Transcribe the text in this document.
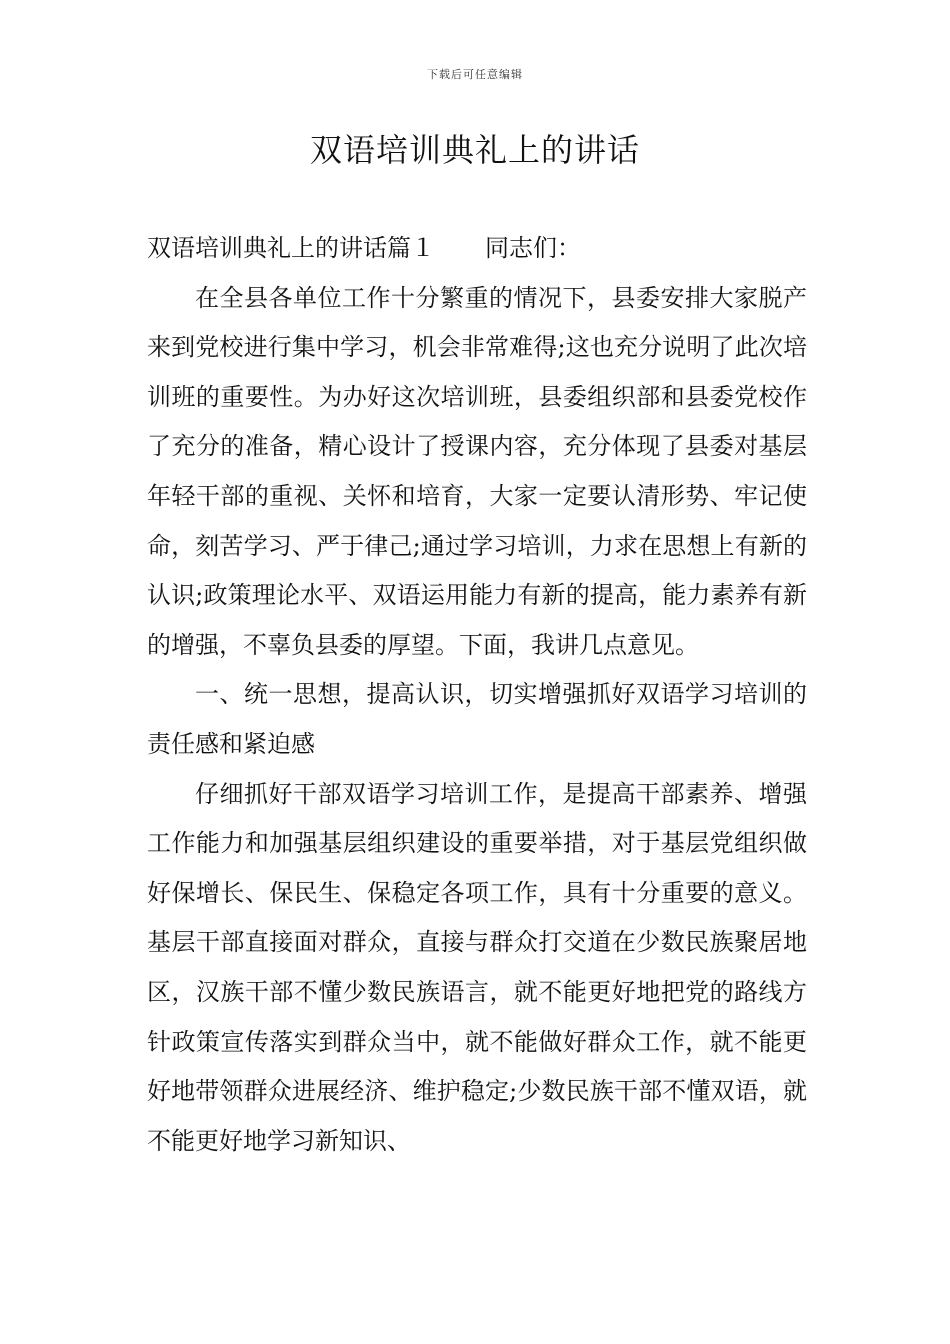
下载后可任意编辑
双语培训典礼上的讲话

双语培训典礼上的讲话篇１ 同志们：

在全县各单位工作十分繁重的情况下，县委安排大家脱产来到党校进行集中学习，机会非常难得;这也充分说明了此次培训班的重要性。为办好这次培训班，县委组织部和县委党校作了充分的准备，精心设计了授课内容，充分体现了县委对基层年轻干部的重视、关怀和培育，大家一定要认清形势、牢记使命，刻苦学习、严于律己;通过学习培训，力求在思想上有新的认识;政策理论水平、双语运用能力有新的提高，能力素养有新的增强，不辜负县委的厚望。下面，我讲几点意见。

一、统一思想，提高认识，切实增强抓好双语学习培训的责任感和紧迫感

仔细抓好干部双语学习培训工作，是提高干部素养、增强工作能力和加强基层组织建设的重要举措，对于基层党组织做好保增长、保民生、保稳定各项工作，具有十分重要的意义。基层干部直接面对群众，直接与群众打交道在少数民族聚居地区，汉族干部不懂少数民族语言，就不能更好地把党的路线方针政策宣传落实到群众当中，就不能做好群众工作，就不能更好地带领群众进展经济、维护稳定;少数民族干部不懂双语，就不能更好地学习新知识、
